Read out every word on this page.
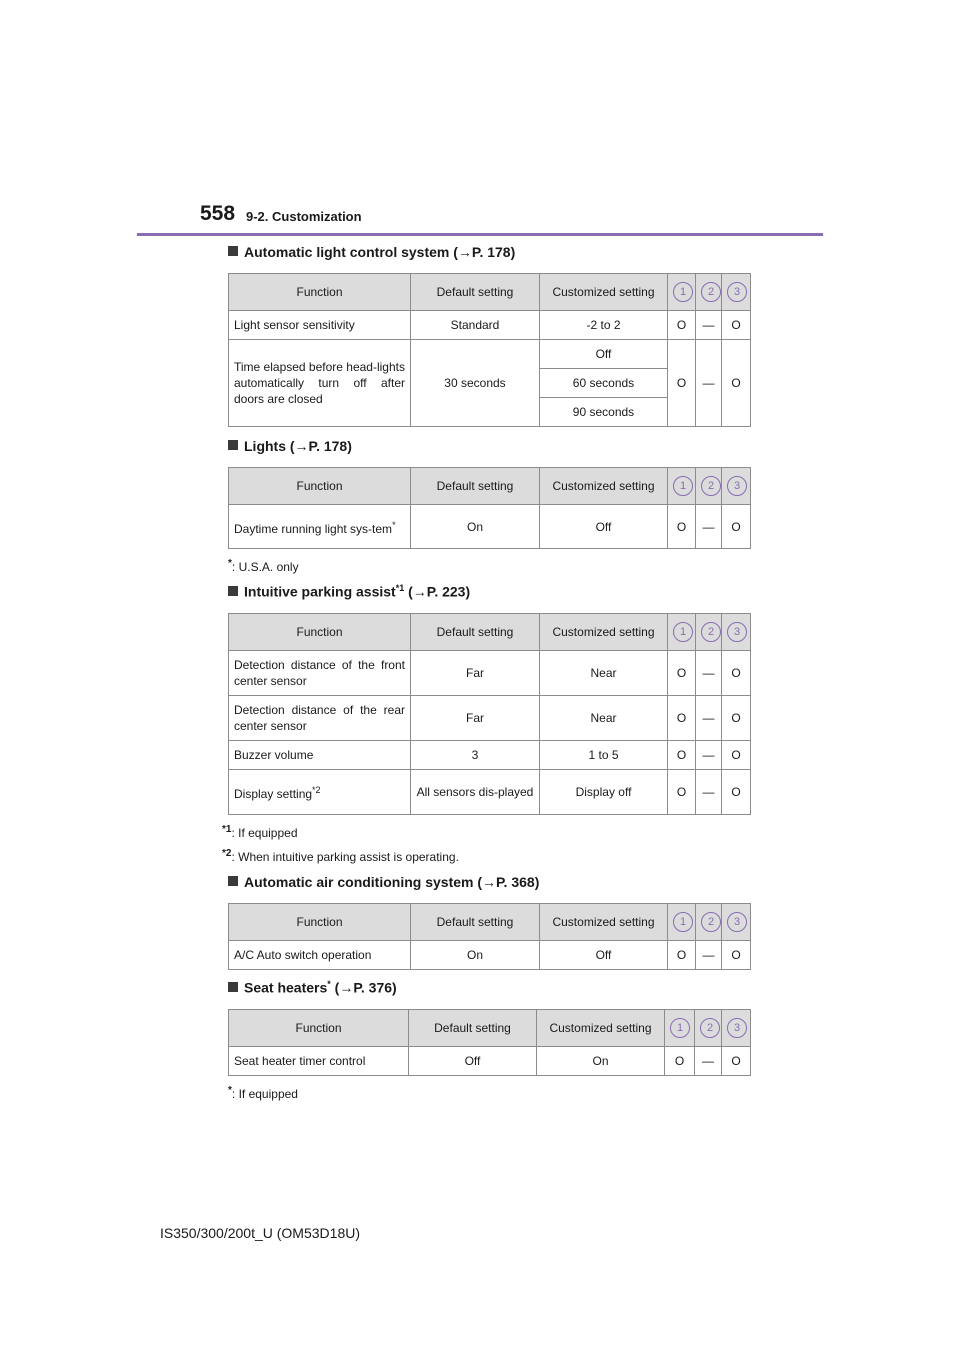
558 9-2. Customization
Automatic light control system (→P. 178)
Function	Default setting	Customized setting	1	2	3
Light sensor sensitivity	Standard	-2 to 2	O	—	O
Time elapsed before head-lights automatically turn off after doors are closed	30 seconds	Off	O	—	O
		60 seconds			
		90 seconds			
Lights (→P. 178)
Function	Default setting	Customized setting	1	2	3
Daytime running light sys-tem*	On	Off	O	—	O
*: U.S.A. only
Intuitive parking assist$^{*1}$ (→P. 223)
Function	Default setting	Customized setting	1	2	3
Detection distance of the front center sensor	Far	Near	O	—	O
Detection distance of the rear center sensor	Far	Near	O	—	O
Buzzer volume	3	1 to 5	O	—	O
Display setting$^{*2}$	All sensors dis-played	Display off	O	—	O
$^{*1}$: If equipped
$^{*2}$: When intuitive parking assist is operating.
Automatic air conditioning system (→P. 368)
Function	Default setting	Customized setting	1	2	3
A/C Auto switch operation	On	Off	O	—	O
Seat heaters* (→P. 376)
Function	Default setting	Customized setting	1	2	3
Seat heater timer control	Off	On	O	—	O
*: If equipped
IS350/300/200t_U (OM53D18U)
